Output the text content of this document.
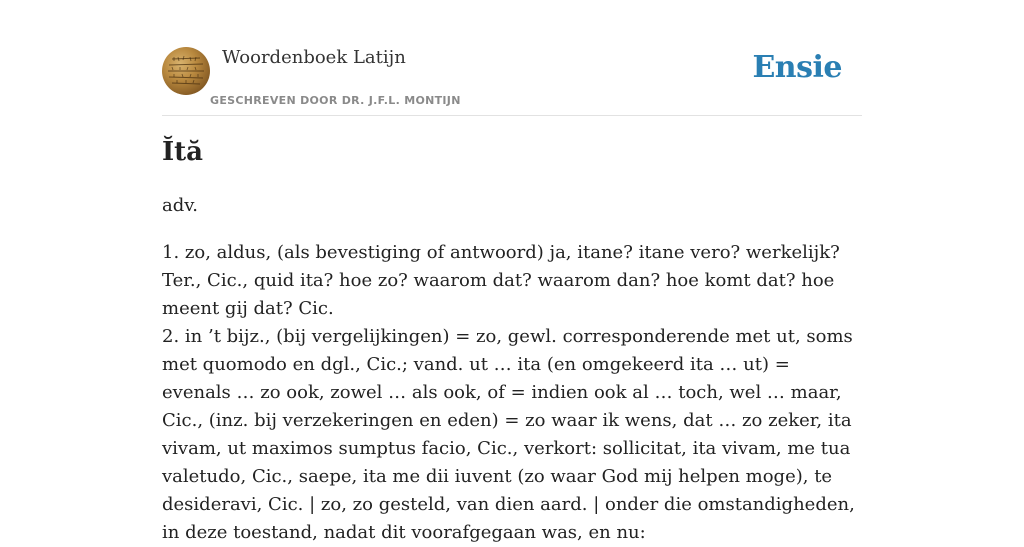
Woordenboek Latijn
GESCHREVEN DOOR DR. J.F.L. MONTIJN
Ensie
Ĭtă

adv.

1. zo, aldus, (als bevestiging of antwoord) ja, itane? itane vero? werkelijk? Ter., Cic., quid ita? hoe zo? waarom dat? waarom dan? hoe komt dat? hoe meent gij dat? Cic.

2. in ’t bijz., (bij vergelijkingen) = zo, gewl. corresponderende met ut, soms met quomodo en dgl., Cic.; vand. ut … ita (en omgekeerd ita … ut) = evenals … zo ook, zowel … als ook, of = indien ook al … toch, wel … maar, Cic., (inz. bij verzekeringen en eden) = zo waar ik wens, dat … zo zeker, ita vivam, ut maximos sumptus facio, Cic., verkort: sollicitat, ita vivam, me tua valetudo, Cic., saepe, ita me dii iuvent (zo waar God mij helpen moge), te desideravi, Cic. | zo, zo gesteld, van dien aard. | onder die omstandigheden, in deze toestand, nadat dit voorafgegaan was, en nu:
